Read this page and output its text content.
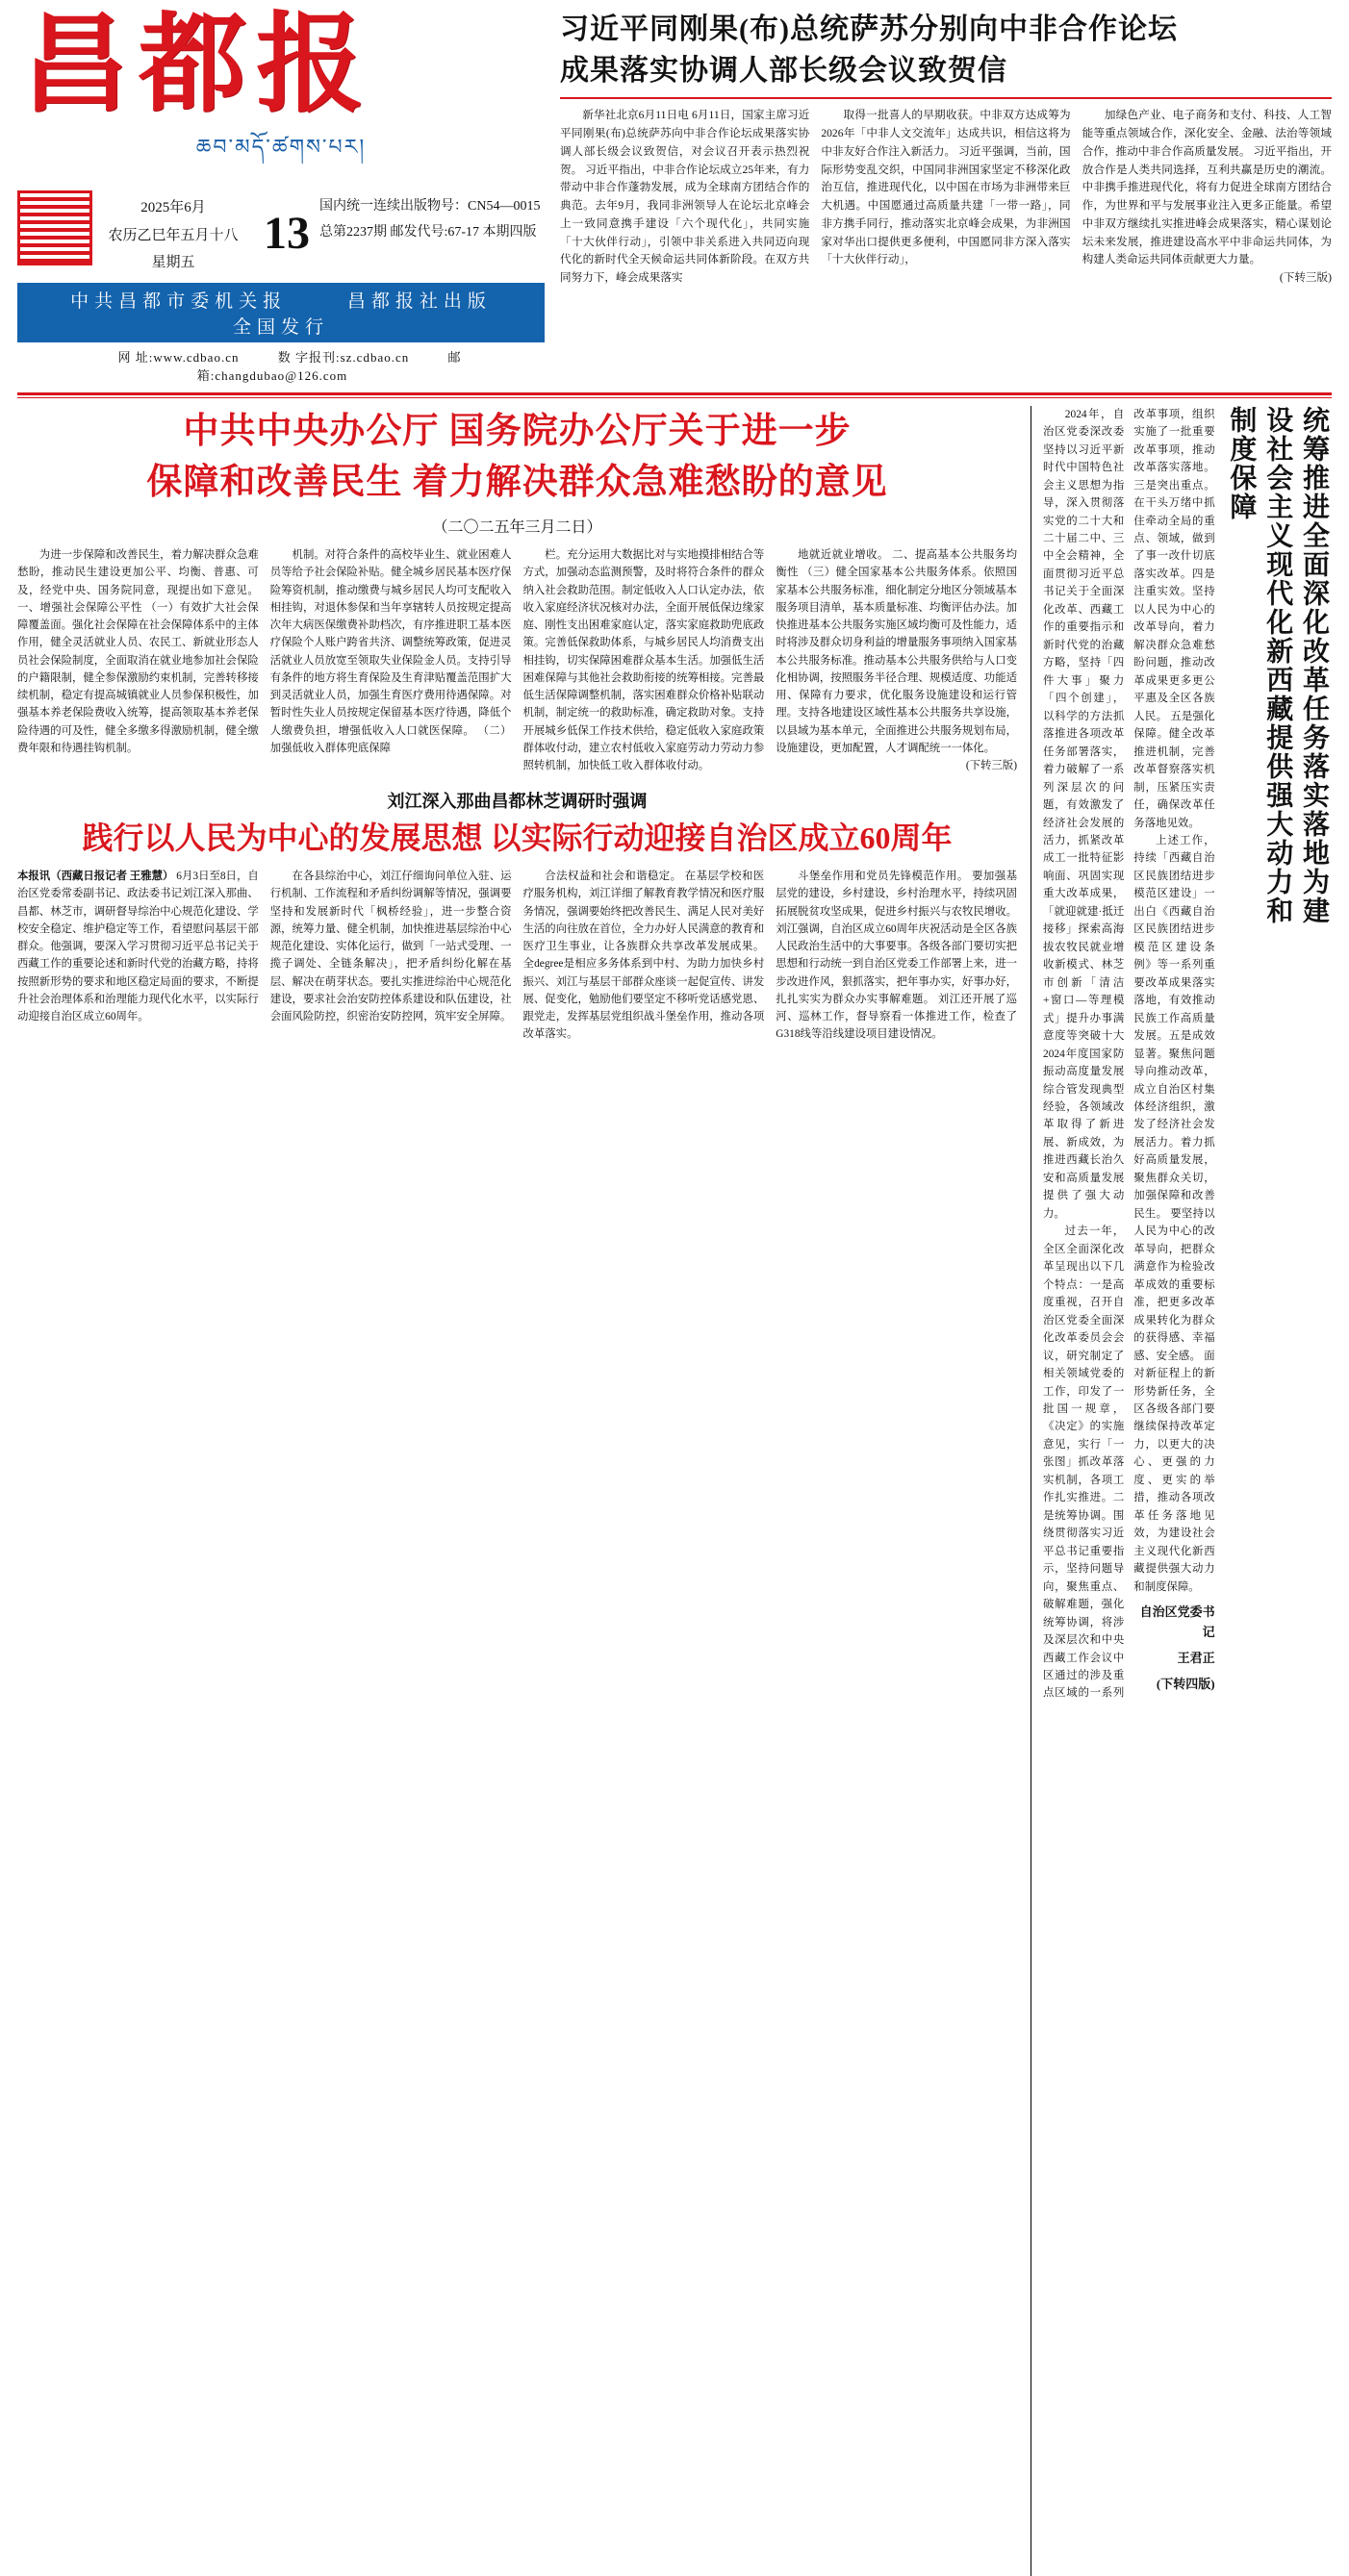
昌都报
ཆབ་མདོ་ཚགས་པར།
2025年6月
农历乙巳年五月十八
星期五
13
国内统一连续出版物号：CN54—0015
总第2237期 邮发代号:67-17 本期四版
中共昌都市委机关报	昌都报社出版 全国发行
网 址:www.cdbao.cn	数 字报刊:sz.cdbao.cn	邮 箱:changdubao@126.com
习近平同刚果(布)总统萨苏分别向中非合作论坛
成果落实协调人部长级会议致贺信
新华社北京6月11日电 6月11日，国家主席习近平同刚果(布)总统萨苏向中非合作论坛成果落实协调人部长级会议致贺信，对会议召开表示热烈祝贺。 习近平指出，中非合作论坛成立25年来，有力带动中非合作蓬勃发展，成为全球南方团结合作的典范。去年9月，我同非洲领导人在论坛北京峰会上一致同意携手建设「六个现代化」，共同实施「十大伙伴行动」，引领中非关系进入共同迈向现代化的新时代全天候命运共同体新阶段。在双方共同努力下，峰会成果落实
取得一批喜人的早期收获。中非双方达成筹为2026年「中非人文交流年」达成共识，相信这将为中非友好合作注入新活力。 习近平强调，当前，国际形势变乱交织，中国同非洲国家坚定不移深化政治互信，推进现代化，以中国在市场为非洲带来巨大机遇。中国愿通过高质量共建「一带一路」，同非方携手同行，推动落实北京峰会成果，为非洲国家对华出口提供更多便利，中国愿同非方深入落实「十大伙伴行动」，
加绿色产业、电子商务和支付、科技、人工智能等重点领域合作，深化安全、金融、法治等领域合作，推动中非合作高质量发展。 习近平指出，开放合作是人类共同选择，互利共赢是历史的潮流。中非携手推进现代化，将有力促进全球南方团结合作，为世界和平与发展事业注入更多正能量。希望中非双方继续扎实推进峰会成果落实，精心谋划论坛未来发展，推进建设高水平中非命运共同体，为构建人类命运共同体贡献更大力量。
(下转三版)
中共中央办公厅 国务院办公厅关于进一步
保障和改善民生 着力解决群众急难愁盼的意见
（二〇二五年三月二日）
为进一步保障和改善民生，着力解决群众急难愁盼，推动民生建设更加公平、均衡、普惠、可及，经党中央、国务院同意，现提出如下意见。 一、增强社会保障公平性 （一）有效扩大社会保障覆盖面。强化社会保障在社会保障体系中的主体作用，健全灵活就业人员、农民工、新就业形态人员社会保险制度，全面取消在就业地参加社会保险的户籍限制，健全参保激励约束机制，完善转移接续机制，稳定有提高城镇就业人员参保积极性，加强基本养老保险费收入统筹，提高领取基本养老保险待遇的可及性，健全多缴多得激励机制，健全缴费年限和待遇挂钩机制。
机制。对符合条件的高校毕业生、就业困难人员等给予社会保险补贴。健全城乡居民基本医疗保险筹资机制，推动缴费与城乡居民人均可支配收入相挂钩，对退休参保和当年享辖转人员按规定提高次年大病医保缴费补助档次，有序推进职工基本医疗保险个人账户跨省共济、调整统筹政策，促进灵活就业人员放宽至领取失业保险金人员。支持引导有条件的地方将生育保险及生育津贴覆盖范围扩大到灵活就业人员，加强生育医疗费用待遇保障。对暂时性失业人员按规定保留基本医疗待遇，降低个人缴费负担，增强低收入人口就医保障。 （二）加强低收入群体兜底保障
栏。充分运用大数据比对与实地摸排相结合等方式，加强动态监测预警，及时将符合条件的群众纳入社会救助范围。制定低收入人口认定办法，依收入家庭经济状况核对办法，全面开展低保边缘家庭、刚性支出困难家庭认定，落实家庭救助兜底政策。完善低保救助体系，与城乡居民人均消费支出相挂钩，切实保障困难群众基本生活。加强低生活困难保障与其他社会救助衔接的统筹相接。完善最低生活保障调整机制，落实困难群众价格补贴联动机制，制定统一的救助标准，确定救助对象。支持开展城乡低保工作技术供给，稳定低收入家庭政策群体收付动，建立农村低收入家庭劳动力劳动力参照转机制，加快低工收入群体收付动。
地就近就业增收。 二、提高基本公共服务均衡性 （三）健全国家基本公共服务体系。依照国家基本公共服务标准，细化制定分地区分领域基本服务项目清单，基本质量标准、均衡评估办法。加快推进基本公共服务实施区域均衡可及性能力，适时将涉及群众切身利益的增量服务事项纳入国家基本公共服务标准。推动基本公共服务供给与人口变化相协调，按照服务半径合理、规模适度、功能适用、保障有力要求，优化服务设施建设和运行管理。支持各地建设区域性基本公共服务共享设施，以县域为基本单元，全面推进公共服务规划布局，设施建设，更加配置，人才调配统一一体化。
(下转三版)
刘江深入那曲昌都林芝调研时强调
践行以人民为中心的发展思想 以实际行动迎接自治区成立60周年
本报讯（西藏日报记者 王雅慧） 6月3日至8日，自治区党委常委副书记、政法委书记刘江深入那曲、昌都、林芝市，调研督导综治中心规范化建设、学校安全稳定、维护稳定等工作，看望慰问基层干部群众。他强调，要深入学习贯彻习近平总书记关于西藏工作的重要论述和新时代党的治藏方略，持将按照新形势的要求和地区稳定局面的要求，不断提升社会治理体系和治理能力现代化水平，以实际行动迎接自治区成立60周年。
在各县综治中心，刘江仔细询问单位入驻、运行机制、工作流程和矛盾纠纷调解等情况，强调要坚持和发展新时代「枫桥经验」，进一步整合资源，统筹力量、健全机制，加快推进基层综治中心规范化建设、实体化运行，做到「一站式受理、一揽子调处、全链条解决」，把矛盾纠纷化解在基层、解决在萌芽状态。要扎实推进综治中心规范化建设，要求社会治安防控体系建设和队伍建设，社会面风险防控，织密治安防控网，筑牢安全屏障。
合法权益和社会和谐稳定。 在基层学校和医疗服务机构，刘江详细了解教育教学情况和医疗服务情况，强调要始终把改善民生、满足人民对美好生活的向往放在首位，全力办好人民满意的教育和医疗卫生事业，让各族群众共享改革发展成果。 全degree是相应多务体系到中村、为助力加快乡村振兴、刘江与基层干部群众座谈一起促宣传、讲发展、促变化，勉励他们要坚定不移听党话感党恩、跟党走，发挥基层党组织战斗堡垒作用，推动各项改革落实。
斗堡垒作用和党员先锋模范作用。 要加强基层党的建设，乡村建设，乡村治理水平，持续巩固拓展脱贫攻坚成果，促进乡村振兴与农牧民增收。 刘江强调，自治区成立60周年庆祝活动是全区各族人民政治生活中的大事要事。各级各部门要切实把思想和行动统一到自治区党委工作部署上来，进一步改进作风，狠抓落实，把年事办实，好事办好，扎扎实实为群众办实事解难题。 刘江还开展了巡河、巡林工作，督导察看一体推进工作，检查了G318线等沿线建设项目建设情况。
2024年，自治区党委深改委坚持以习近平新时代中国特色社会主义思想为指导，深入贯彻落实党的二十大和二十届二中、三中全会精神，全面贯彻习近平总书记关于全面深化改革、西藏工作的重要指示和新时代党的治藏方略，坚持「四件大事」聚力「四个创建」，以科学的方法抓落推进各项改革任务部署落实，着力破解了一系列深层次的问题，有效激发了经济社会发展的活力，抓紧改革成工一批特征影响面、巩固实现重大改革成果，「就迎就建·抵迁接移」探索高海拔农牧民就业增收新模式、林芝市创新「清洁+窗口—等理模式」提升办事满意度等突破十大2024年度国家防振动高度量发展综合管发现典型经验，各领域改革取得了新进展、新成效，为推进西藏长治久安和高质量发展提供了强大动力。
过去一年，全区全面深化改革呈现出以下几个特点：一是高度重视，召开自治区党委全面深化改革委员会会议，研究制定了相关领域党委的工作，印发了一批国一规章，《决定》的实施意见，实行「一张图」抓改革落实机制，各项工作扎实推进。二是统筹协调。围绕贯彻落实习近平总书记重要指示，坚持问题导向，聚焦重点、破解难题，强化统筹协调，将涉及深层次和中央西藏工作会议中区通过的涉及重点区域的一系列改革事项，组织实施了一批重要改革事项，推动改革落实落地。三是突出重点。在干头万绪中抓住牵动全局的重点、领域，做到了事一改什切底落实改革。四是注重实效。坚持以人民为中心的改革导向，着力解决群众急难愁盼问题，推动改革成果更多更公平惠及全区各族人民。 五是强化保障。健全改革推进机制，完善改革督察落实机制，压紧压实责任，确保改革任务落地见效。
上述工作，持续「西藏自治区民族团结进步模范区建设」一出白《西藏自治区民族团结进步模范区建设条例》等一系列重要改革成果落实落地，有效推动民族工作高质量发展。五是成效显著。聚焦问题导向推动改革，成立自治区村集体经济组织，激发了经济社会发展活力。着力抓好高质量发展，聚焦群众关切，加强保障和改善民生。 要坚持以人民为中心的改革导向，把群众满意作为检验改革成效的重要标准，把更多改革成果转化为群众的获得感、幸福感、安全感。 面对新征程上的新形势新任务，全区各级各部门要继续保持改革定力，以更大的决心、更强的力度、更实的举措，推动各项改革任务落地见效，为建设社会主义现代化新西藏提供强大动力和制度保障。
自治区党委书记
王君正
(下转四版)
统筹推进全面深化改革任务落实落地为建设社会主义现代化新西藏提供强大动力和制度保障
